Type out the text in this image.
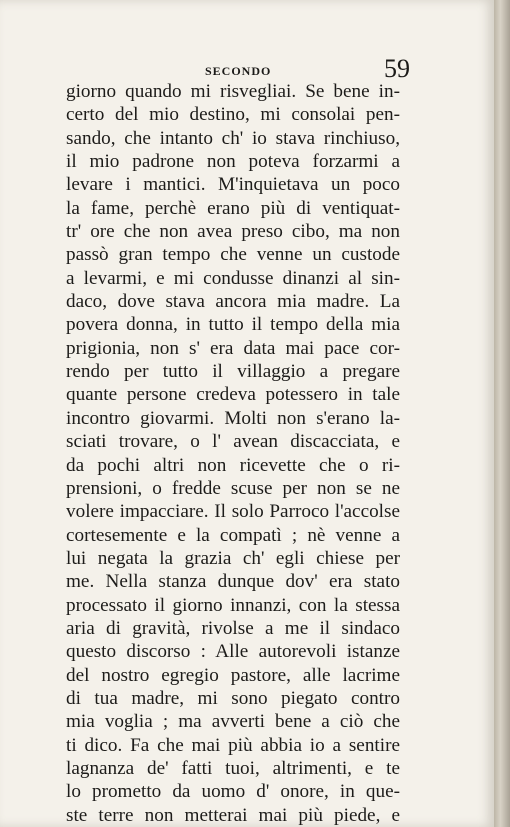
SECONDO	59
giorno quando mi risvegliai. Se bene in-
certo del mio destino, mi consolai pen-
sando, che intanto ch' io stava rinchiuso,
il mio padrone non poteva forzarmi a
levare i mantici. M'inquietava un poco
la fame, perchè erano più di ventiquat-
tr' ore che non avea preso cibo, ma non
passò gran tempo che venne un custode
a levarmi, e mi condusse dinanzi al sin-
daco, dove stava ancora mia madre. La
povera donna, in tutto il tempo della mia
prigionia, non s' era data mai pace cor-
rendo per tutto il villaggio a pregare
quante persone credeva potessero in tale
incontro giovarmi. Molti non s'erano la-
sciati trovare, o l' avean discacciata, e
da pochi altri non ricevette che o ri-
prensioni, o fredde scuse per non se ne
volere impacciare. Il solo Parroco l'accolse
cortesemente e la compatì ; nè venne a
lui negata la grazia ch' egli chiese per
me. Nella stanza dunque dov' era stato
processato il giorno innanzi, con la stessa
aria di gravità, rivolse a me il sindaco
questo discorso : Alle autorevoli istanze
del nostro egregio pastore, alle lacrime
di tua madre, mi sono piegato contro
mia voglia ; ma avverti bene a ciò che
ti dico. Fa che mai più abbia io a sentire
lagnanza de' fatti tuoi, altrimenti, e te
lo prometto da uomo d' onore, in que-
ste terre non metterai mai più piede, e
